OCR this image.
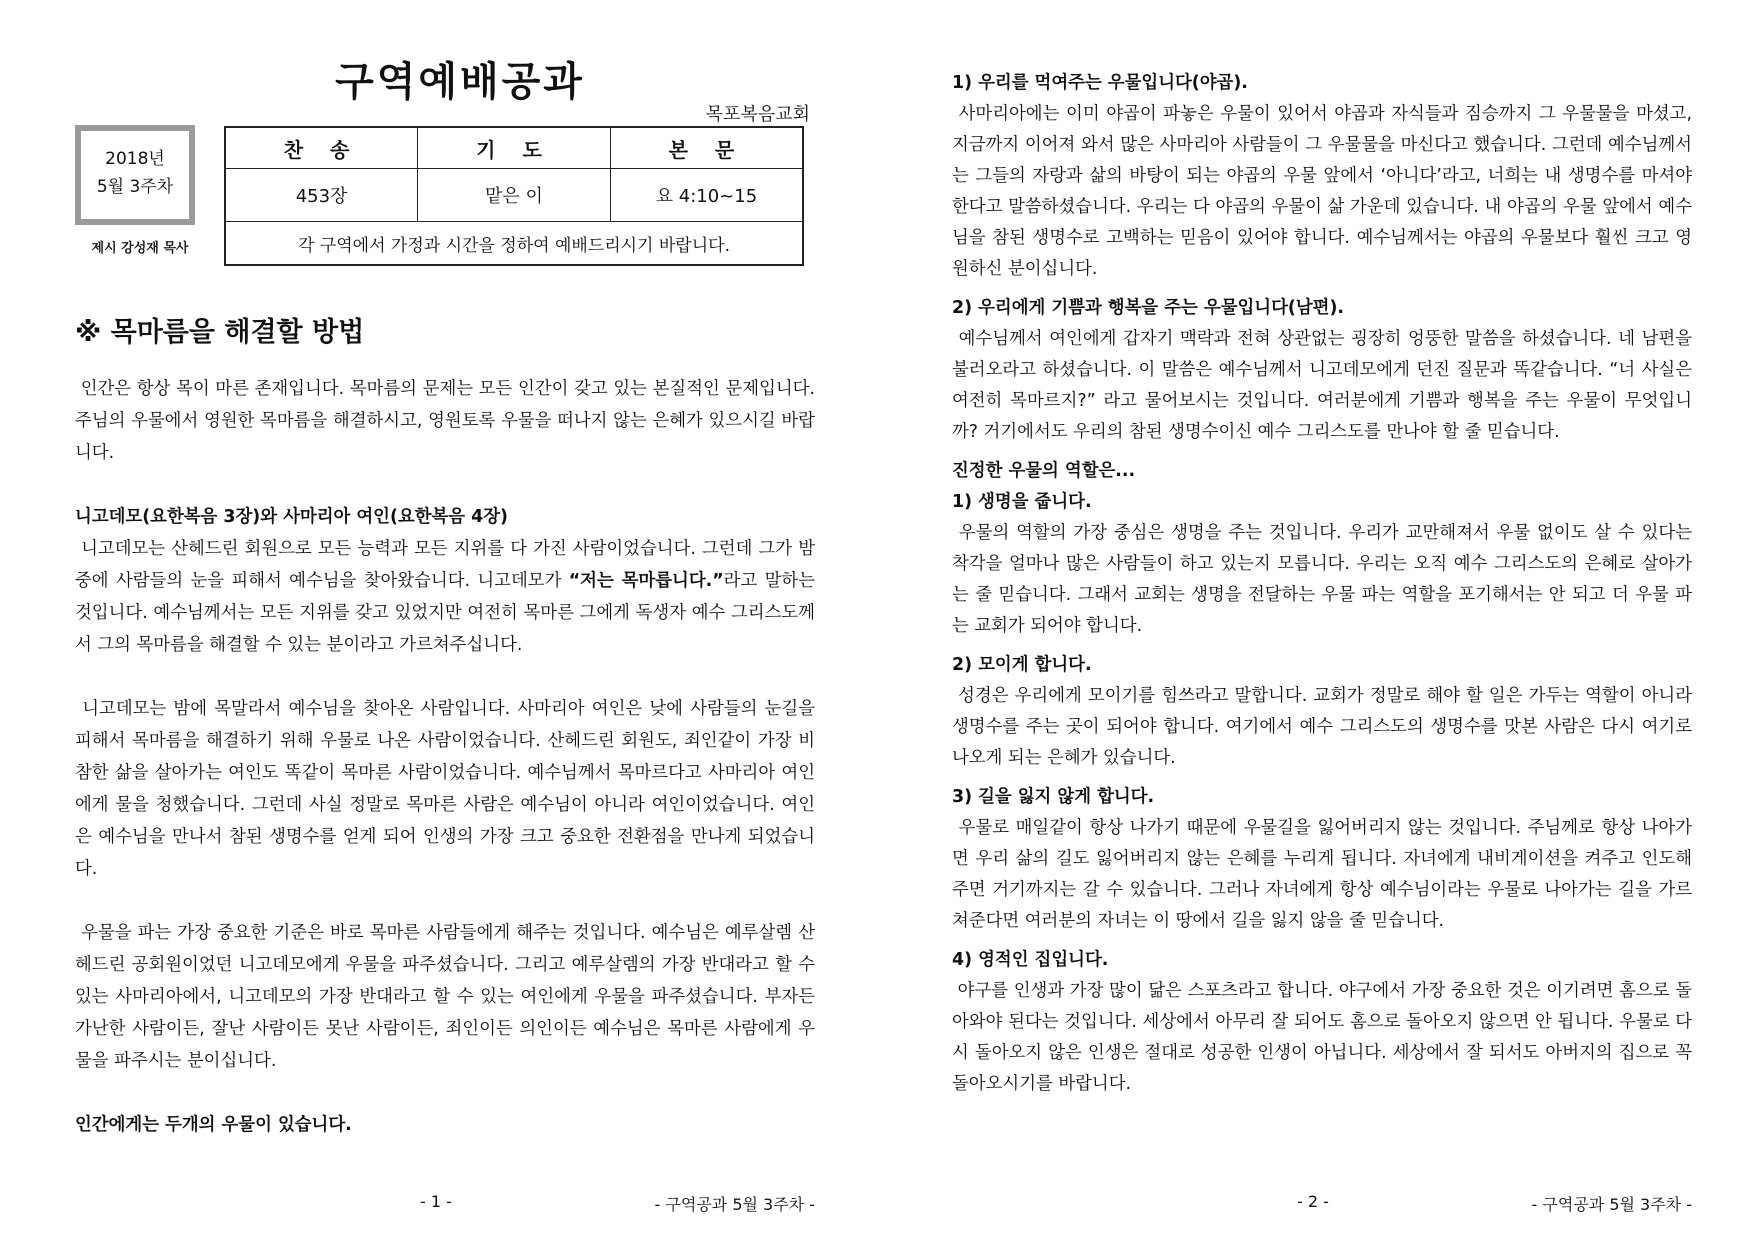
구역예배공과
목포복음교회
2018년
5월 3주차
제시 강성재 목사
찬 송	기 도	본 문
453장	맡은 이	요 4:10~15
각 구역에서 가정과 시간을 정하여 예배드리시기 바랍니다.		
※ 목마름을 해결할 방법

인간은 항상 목이 마른 존재입니다. 목마름의 문제는 모든 인간이 갖고 있는 본질적인 문제입니다. 주님의 우물에서 영원한 목마름을 해결하시고, 영원토록 우물을 떠나지 않는 은혜가 있으시길 바랍니다.

니고데모(요한복음 3장)와 사마리아 여인(요한복음 4장)

니고데모는 산헤드린 회원으로 모든 능력과 모든 지위를 다 가진 사람이었습니다. 그런데 그가 밤중에 사람들의 눈을 피해서 예수님을 찾아왔습니다. 니고데모가 “저는 목마릅니다.”라고 말하는 것입니다. 예수님께서는 모든 지위를 갖고 있었지만 여전히 목마른 그에게 독생자 예수 그리스도께서 그의 목마름을 해결할 수 있는 분이라고 가르쳐주십니다.

니고데모는 밤에 목말라서 예수님을 찾아온 사람입니다. 사마리아 여인은 낮에 사람들의 눈길을 피해서 목마름을 해결하기 위해 우물로 나온 사람이었습니다. 산헤드린 회원도, 죄인같이 가장 비참한 삶을 살아가는 여인도 똑같이 목마른 사람이었습니다. 예수님께서 목마르다고 사마리아 여인에게 물을 청했습니다. 그런데 사실 정말로 목마른 사람은 예수님이 아니라 여인이었습니다. 여인은 예수님을 만나서 참된 생명수를 얻게 되어 인생의 가장 크고 중요한 전환점을 만나게 되었습니다.

우물을 파는 가장 중요한 기준은 바로 목마른 사람들에게 해주는 것입니다. 예수님은 예루살렘 산헤드린 공회원이었던 니고데모에게 우물을 파주셨습니다. 그리고 예루살렘의 가장 반대라고 할 수 있는 사마리아에서, 니고데모의 가장 반대라고 할 수 있는 여인에게 우물을 파주셨습니다. 부자든 가난한 사람이든, 잘난 사람이든 못난 사람이든, 죄인이든 의인이든 예수님은 목마른 사람에게 우물을 파주시는 분이십니다.

인간에게는 두개의 우물이 있습니다.

- 1 -	- 구역공과 5월 3주차 -

1) 우리를 먹여주는 우물입니다(야곱).

사마리아에는 이미 야곱이 파놓은 우물이 있어서 야곱과 자식들과 짐승까지 그 우물물을 마셨고, 지금까지 이어져 와서 많은 사마리아 사람들이 그 우물물을 마신다고 했습니다. 그런데 예수님께서는 그들의 자랑과 삶의 바탕이 되는 야곱의 우물 앞에서 ‘아니다’라고, 너희는 내 생명수를 마셔야한다고 말씀하셨습니다. 우리는 다 야곱의 우물이 삶 가운데 있습니다. 내 야곱의 우물 앞에서 예수님을 참된 생명수로 고백하는 믿음이 있어야 합니다. 예수님께서는 야곱의 우물보다 훨씬 크고 영원하신 분이십니다.

2) 우리에게 기쁨과 행복을 주는 우물입니다(남편).

예수님께서 여인에게 갑자기 맥락과 전혀 상관없는 굉장히 엉뚱한 말씀을 하셨습니다. 네 남편을 불러오라고 하셨습니다. 이 말씀은 예수님께서 니고데모에게 던진 질문과 똑같습니다. “너 사실은 여전히 목마르지?” 라고 물어보시는 것입니다. 여러분에게 기쁨과 행복을 주는 우물이 무엇입니까? 거기에서도 우리의 참된 생명수이신 예수 그리스도를 만나야 할 줄 믿습니다.

진정한 우물의 역할은...

1) 생명을 줍니다.

우물의 역할의 가장 중심은 생명을 주는 것입니다. 우리가 교만해져서 우물 없이도 살 수 있다는 착각을 얼마나 많은 사람들이 하고 있는지 모릅니다. 우리는 오직 예수 그리스도의 은혜로 살아가는 줄 믿습니다. 그래서 교회는 생명을 전달하는 우물 파는 역할을 포기해서는 안 되고 더 우물 파는 교회가 되어야 합니다.

2) 모이게 합니다.

성경은 우리에게 모이기를 힘쓰라고 말합니다. 교회가 정말로 해야 할 일은 가두는 역할이 아니라 생명수를 주는 곳이 되어야 합니다. 여기에서 예수 그리스도의 생명수를 맛본 사람은 다시 여기로 나오게 되는 은혜가 있습니다.

3) 길을 잃지 않게 합니다.

우물로 매일같이 항상 나가기 때문에 우물길을 잃어버리지 않는 것입니다. 주님께로 항상 나아가면 우리 삶의 길도 잃어버리지 않는 은혜를 누리게 됩니다. 자녀에게 내비게이션을 켜주고 인도해주면 거기까지는 갈 수 있습니다. 그러나 자녀에게 항상 예수님이라는 우물로 나아가는 길을 가르쳐준다면 여러분의 자녀는 이 땅에서 길을 잃지 않을 줄 믿습니다.

4) 영적인 집입니다.

야구를 인생과 가장 많이 닮은 스포츠라고 합니다. 야구에서 가장 중요한 것은 이기려면 홈으로 돌아와야 된다는 것입니다. 세상에서 아무리 잘 되어도 홈으로 돌아오지 않으면 안 됩니다. 우물로 다시 돌아오지 않은 인생은 절대로 성공한 인생이 아닙니다. 세상에서 잘 되서도 아버지의 집으로 꼭 돌아오시기를 바랍니다.

- 2 -	- 구역공과 5월 3주차 -
